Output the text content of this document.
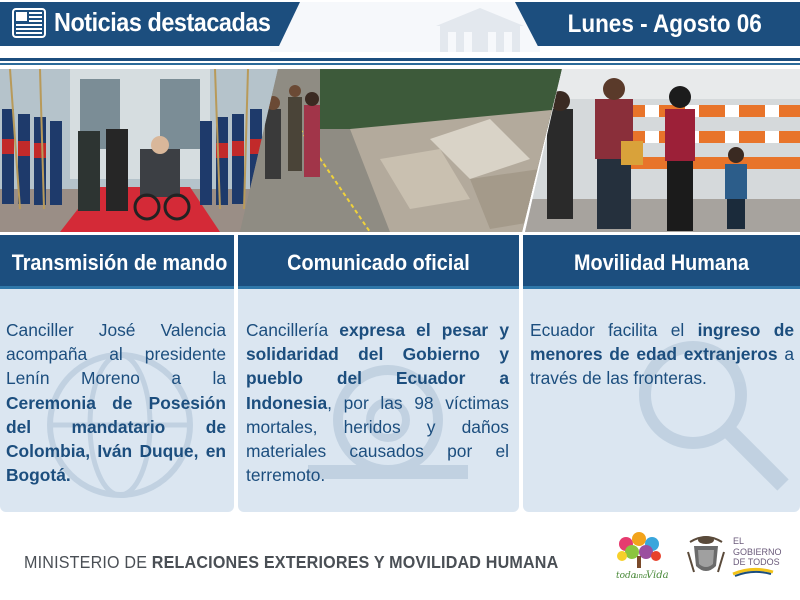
Noticias destacadas	Lunes - Agosto 06
Transmisión de mando
Canciller José Valencia acompaña al presidente Lenín Moreno a la Ceremonia de Posesión del mandatario de Colombia, Iván Duque, en Bogotá.
Comunicado oficial
Cancillería expresa el pesar y solidaridad del Gobierno y pueblo del Ecuador a Indonesia, por las 98 víctimas mortales, heridos y daños materiales causados por el terremoto.
Movilidad Humana
Ecuador facilita el ingreso de menores de edad extranjeros a través de las fronteras.
MINISTERIO DE RELACIONES EXTERIORES Y MOVILIDAD HUMANA
toda
una
Vida
EL
GOBIERNO
DE TODOS
